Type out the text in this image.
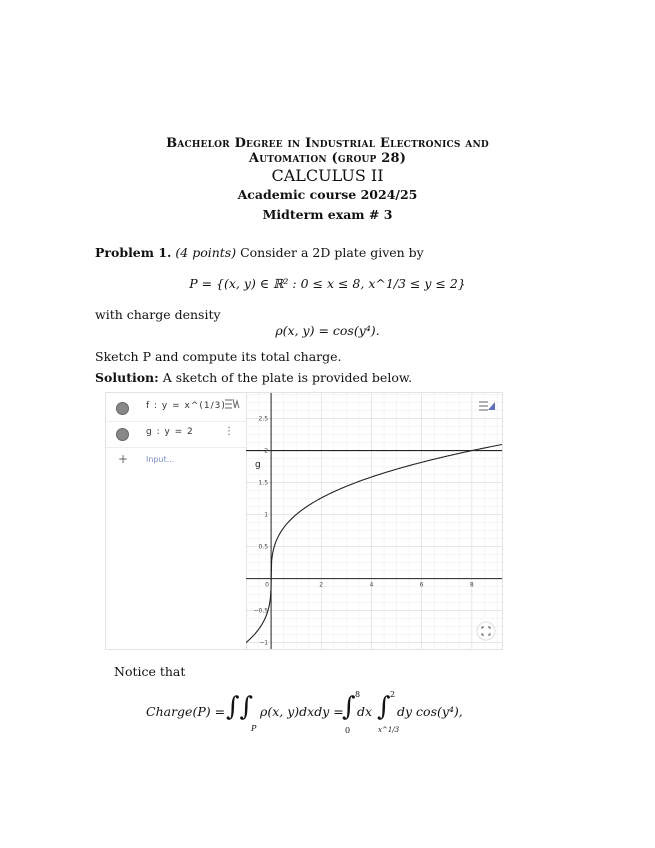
Bachelor Degree in Industrial Electronics and
Automation (group 28)
CALCULUS II
Academic course 2024/25
Midterm exam # 3
Problem 1. (4 points) Consider a 2D plate given by
P = {(x, y) ∈ ℝ² : 0 ≤ x ≤ 8, x^1/3 ≤ y ≤ 2}
with charge density
ρ(x, y) = cos(y⁴).
Sketch P and compute its total charge.
Solution: A sketch of the plate is provided below.
f : y = x^(1/3)
g : y = 2	⋮
+ Input...
0	2	4	6	8
2.5
2
1.5
1
0.5
−0.5
−1
g
Notice that
Charge(P) = ∫∫
P
ρ(x, y)dxdy =
∫ 8
0
dx ∫ 2
x^1/3
dy cos(y⁴),
